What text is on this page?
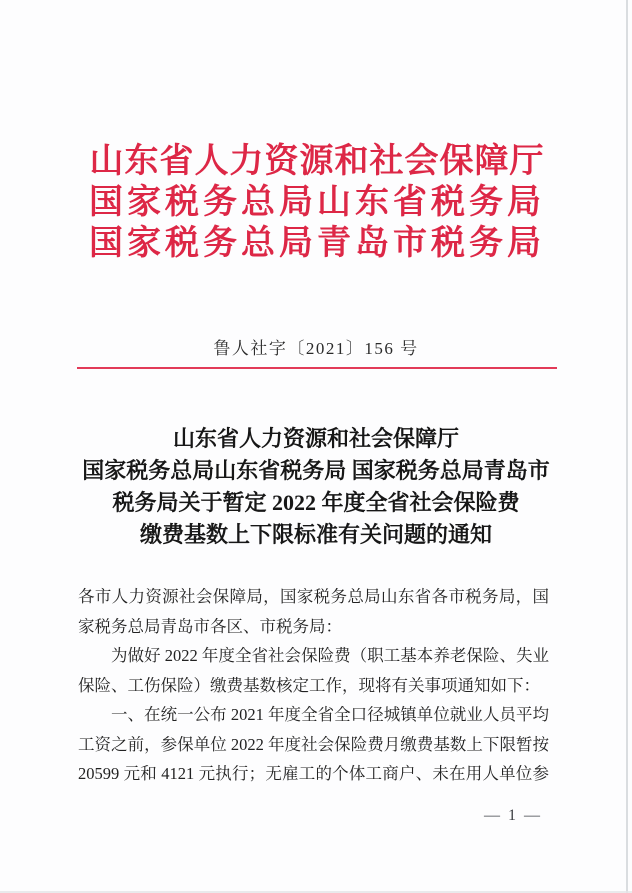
山东省人力资源和社会保障厅
国家税务总局山东省税务局
国家税务总局青岛市税务局
鲁人社字〔2021〕156 号
山东省人力资源和社会保障厅
国家税务总局山东省税务局 国家税务总局青岛市
税务局关于暂定 2022 年度全省社会保险费
缴费基数上下限标准有关问题的通知
各市人力资源社会保障局，国家税务总局山东省各市税务局，国
家税务总局青岛市各区、市税务局：
为做好 2022 年度全省社会保险费（职工基本养老保险、失业
保险、工伤保险）缴费基数核定工作，现将有关事项通知如下：
一、在统一公布 2021 年度全省全口径城镇单位就业人员平均
工资之前，参保单位 2022 年度社会保险费月缴费基数上下限暂按
20599 元和 4121 元执行；无雇工的个体工商户、未在用人单位参
— 1 —
